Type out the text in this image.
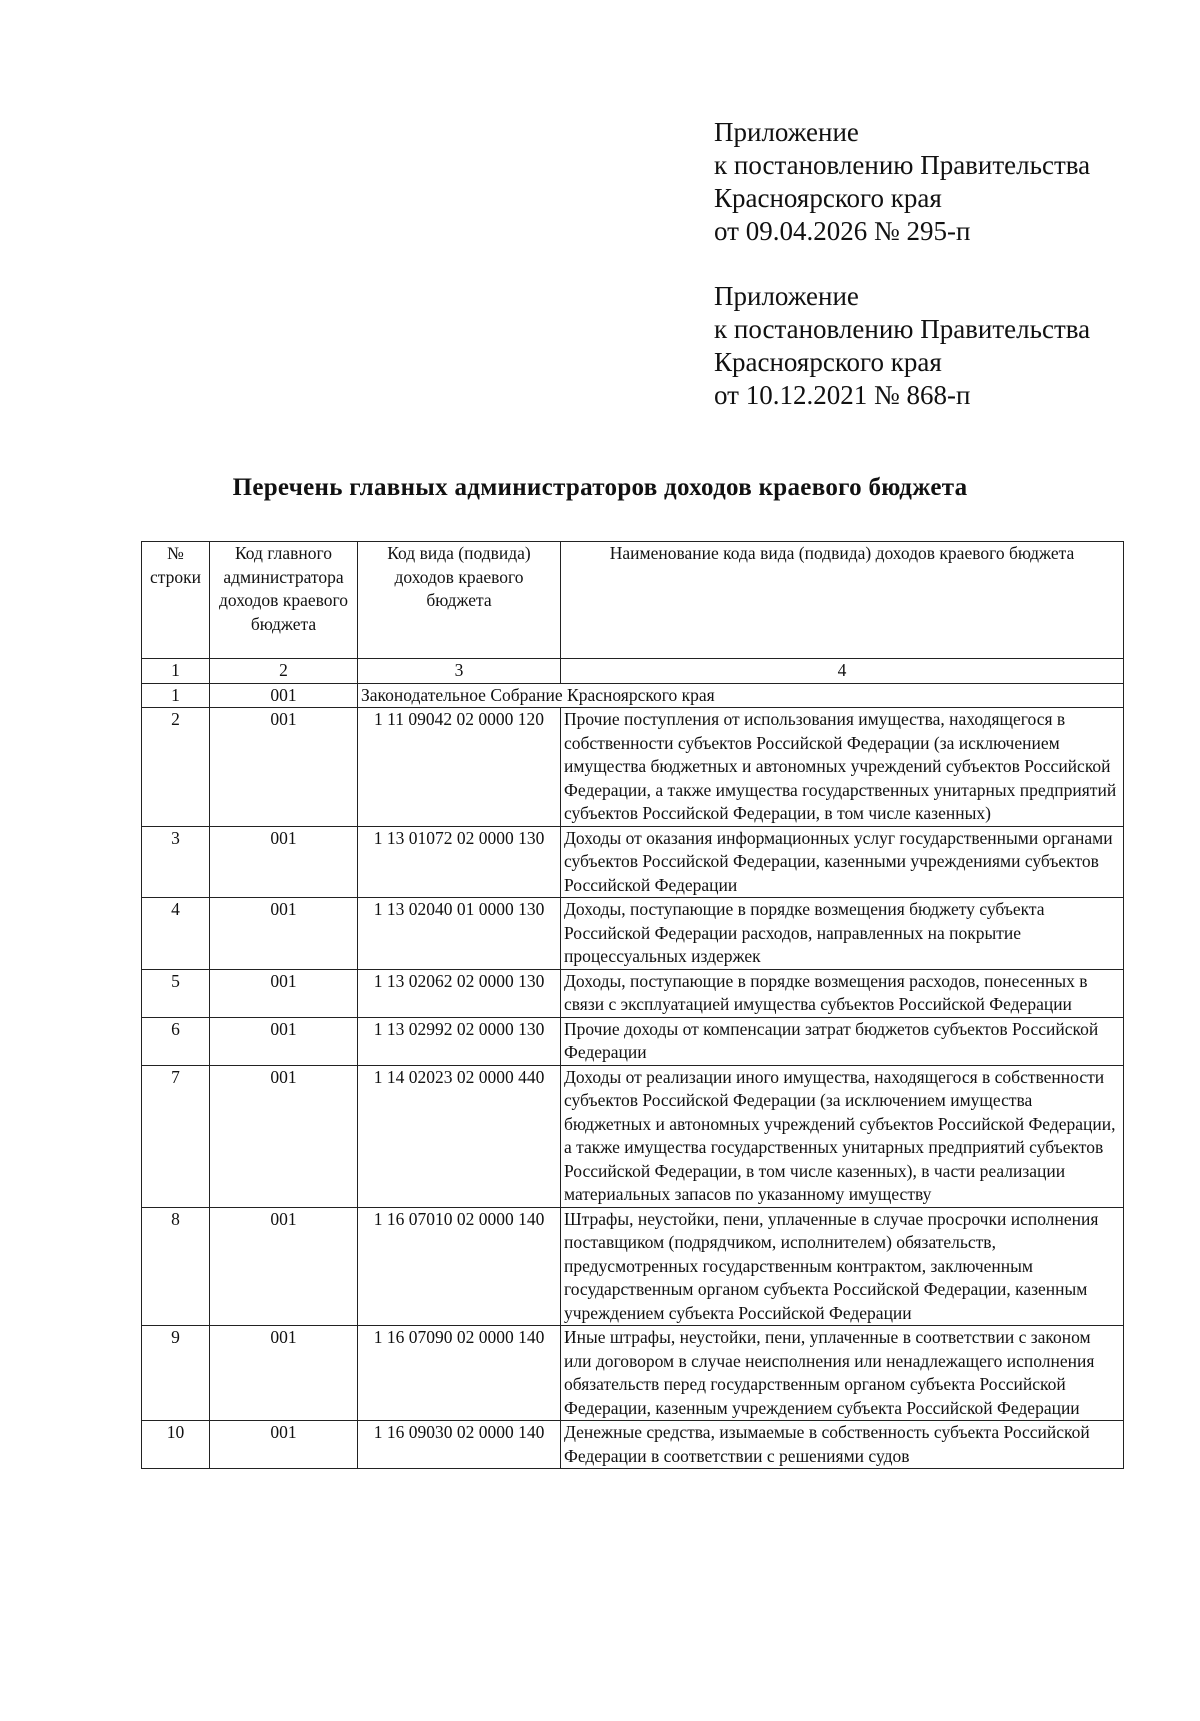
Приложение
к постановлению Правительства
Красноярского края
от 09.04.2026 № 295-п
Приложение
к постановлению Правительства
Красноярского края
от 10.12.2021 № 868-п
Перечень главных администраторов доходов краевого бюджета
№ строки	Код главного администратора доходов краевого бюджета	Код вида (подвида) доходов краевого бюджета	Наименование кода вида (подвида) доходов краевого бюджета
1	2	3	4
1	001	Законодательное Собрание Красноярского края	
2	001	1 11 09042 02 0000 120	Прочие поступления от использования имущества, находящегося в собственности субъектов Российской Федерации (за исключением имущества бюджетных и автономных учреждений субъектов Российской Федерации, а также имущества государственных унитарных предприятий субъектов Российской Федерации, в том числе казенных)
3	001	1 13 01072 02 0000 130	Доходы от оказания информационных услуг государственными органами субъектов Российской Федерации, казенными учреждениями субъектов Российской Федерации
4	001	1 13 02040 01 0000 130	Доходы, поступающие в порядке возмещения бюджету субъекта Российской Федерации расходов, направленных на покрытие процессуальных издержек
5	001	1 13 02062 02 0000 130	Доходы, поступающие в порядке возмещения расходов, понесенных в связи с эксплуатацией имущества субъектов Российской Федерации
6	001	1 13 02992 02 0000 130	Прочие доходы от компенсации затрат бюджетов субъектов Российской Федерации
7	001	1 14 02023 02 0000 440	Доходы от реализации иного имущества, находящегося в собственности субъектов Российской Федерации (за исключением имущества бюджетных и автономных учреждений субъектов Российской Федерации, а также имущества государственных унитарных предприятий субъектов Российской Федерации, в том числе казенных), в части реализации материальных запасов по указанному имуществу
8	001	1 16 07010 02 0000 140	Штрафы, неустойки, пени, уплаченные в случае просрочки исполнения поставщиком (подрядчиком, исполнителем) обязательств, предусмотренных государственным контрактом, заключенным государственным органом субъекта Российской Федерации, казенным учреждением субъекта Российской Федерации
9	001	1 16 07090 02 0000 140	Иные штрафы, неустойки, пени, уплаченные в соответствии с законом или договором в случае неисполнения или ненадлежащего исполнения обязательств перед государственным органом субъекта Российской Федерации, казенным учреждением субъекта Российской Федерации
10	001	1 16 09030 02 0000 140	Денежные средства, изымаемые в собственность субъекта Российской Федерации в соответствии с решениями судов
